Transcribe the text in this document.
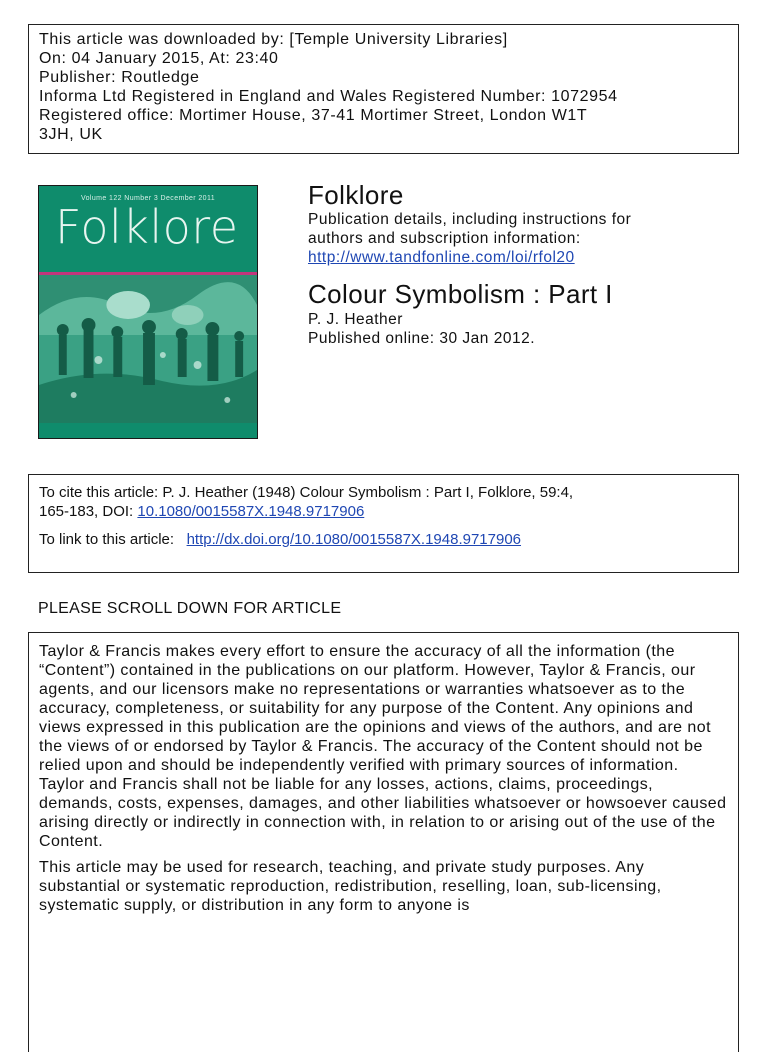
This article was downloaded by: [Temple University Libraries]
On: 04 January 2015, At: 23:40
Publisher: Routledge
Informa Ltd Registered in England and Wales Registered Number: 1072954
Registered office: Mortimer House, 37-41 Mortimer Street, London W1T
3JH, UK
Volume 122 Number 3 December 2011
Folklore
Folklore
Publication details, including instructions for
authors and subscription information:
http://www.tandfonline.com/loi/rfol20
Colour Symbolism : Part I
P. J. Heather
Published online: 30 Jan 2012.
To cite this article: P. J. Heather (1948) Colour Symbolism : Part I, Folklore, 59:4,
165-183, DOI: 10.1080/0015587X.1948.9717906
To link to this article:   http://dx.doi.org/10.1080/0015587X.1948.9717906
PLEASE SCROLL DOWN FOR ARTICLE

Taylor & Francis makes every effort to ensure the accuracy of all the information (the “Content”) contained in the publications on our platform. However, Taylor & Francis, our agents, and our licensors make no representations or warranties whatsoever as to the accuracy, completeness, or suitability for any purpose of the Content. Any opinions and views expressed in this publication are the opinions and views of the authors, and are not the views of or endorsed by Taylor & Francis. The accuracy of the Content should not be relied upon and should be independently verified with primary sources of information. Taylor and Francis shall not be liable for any losses, actions, claims, proceedings, demands, costs, expenses, damages, and other liabilities whatsoever or howsoever caused arising directly or indirectly in connection with, in relation to or arising out of the use of the Content.

This article may be used for research, teaching, and private study purposes. Any substantial or systematic reproduction, redistribution, reselling, loan, sub-licensing, systematic supply, or distribution in any form to anyone is
